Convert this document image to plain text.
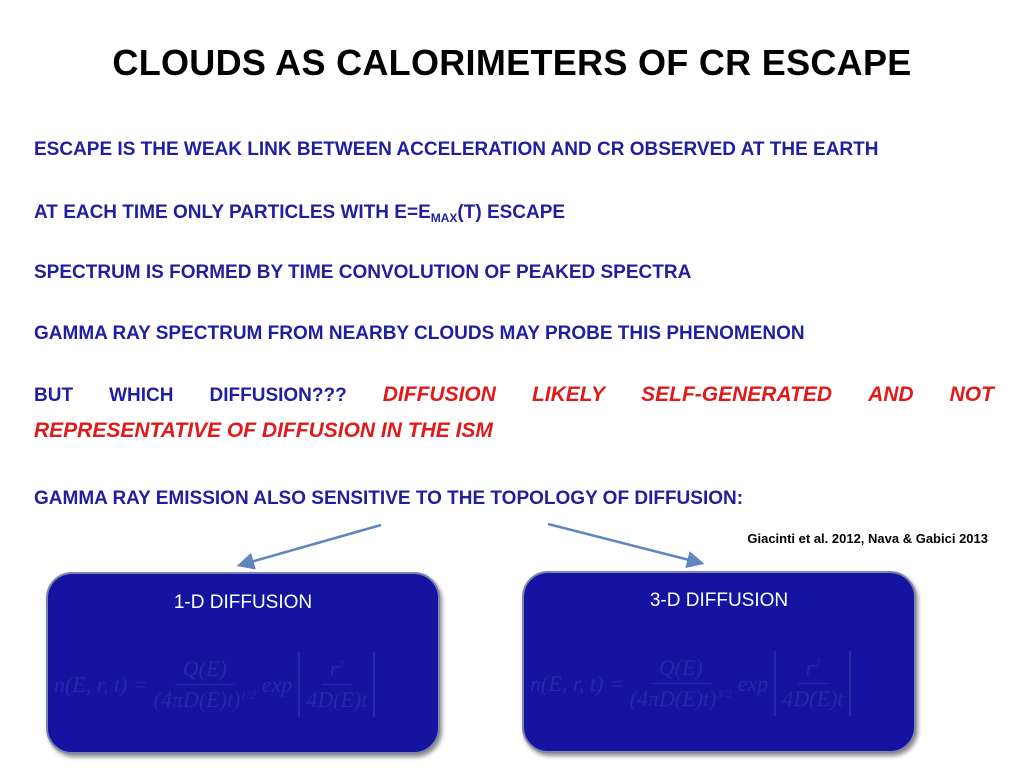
CLOUDS AS CALORIMETERS OF CR ESCAPE
ESCAPE IS THE WEAK LINK BETWEEN ACCELERATION AND CR OBSERVED AT THE EARTH
AT EACH TIME ONLY PARTICLES WITH $E=E_{MAX}(T)$ ESCAPE
SPECTRUM IS FORMED BY TIME CONVOLUTION OF PEAKED SPECTRA
GAMMA RAY SPECTRUM FROM NEARBY CLOUDS MAY PROBE THIS PHENOMENON
BUT WHICH DIFFUSION??? DIFFUSION LIKELY SELF-GENERATED AND NOT
REPRESENTATIVE OF DIFFUSION IN THE ISM
GAMMA RAY EMISSION ALSO SENSITIVE TO THE TOPOLOGY OF DIFFUSION:
Giacinti et al. 2012, Nava & Gabici 2013
1-D DIFFUSION
n(E, r, $t) = \frac{Q(E)}{(4\pi D(E)t)^{1/2}}$ $\exp \frac{r^2}{4D(E)t}$
3-D DIFFUSION
n(E, r, $t) = \frac{Q(E)}{(4\pi D(E)t)^{3/2}}$ $\exp \frac{r^2}{4D(E)t}$
